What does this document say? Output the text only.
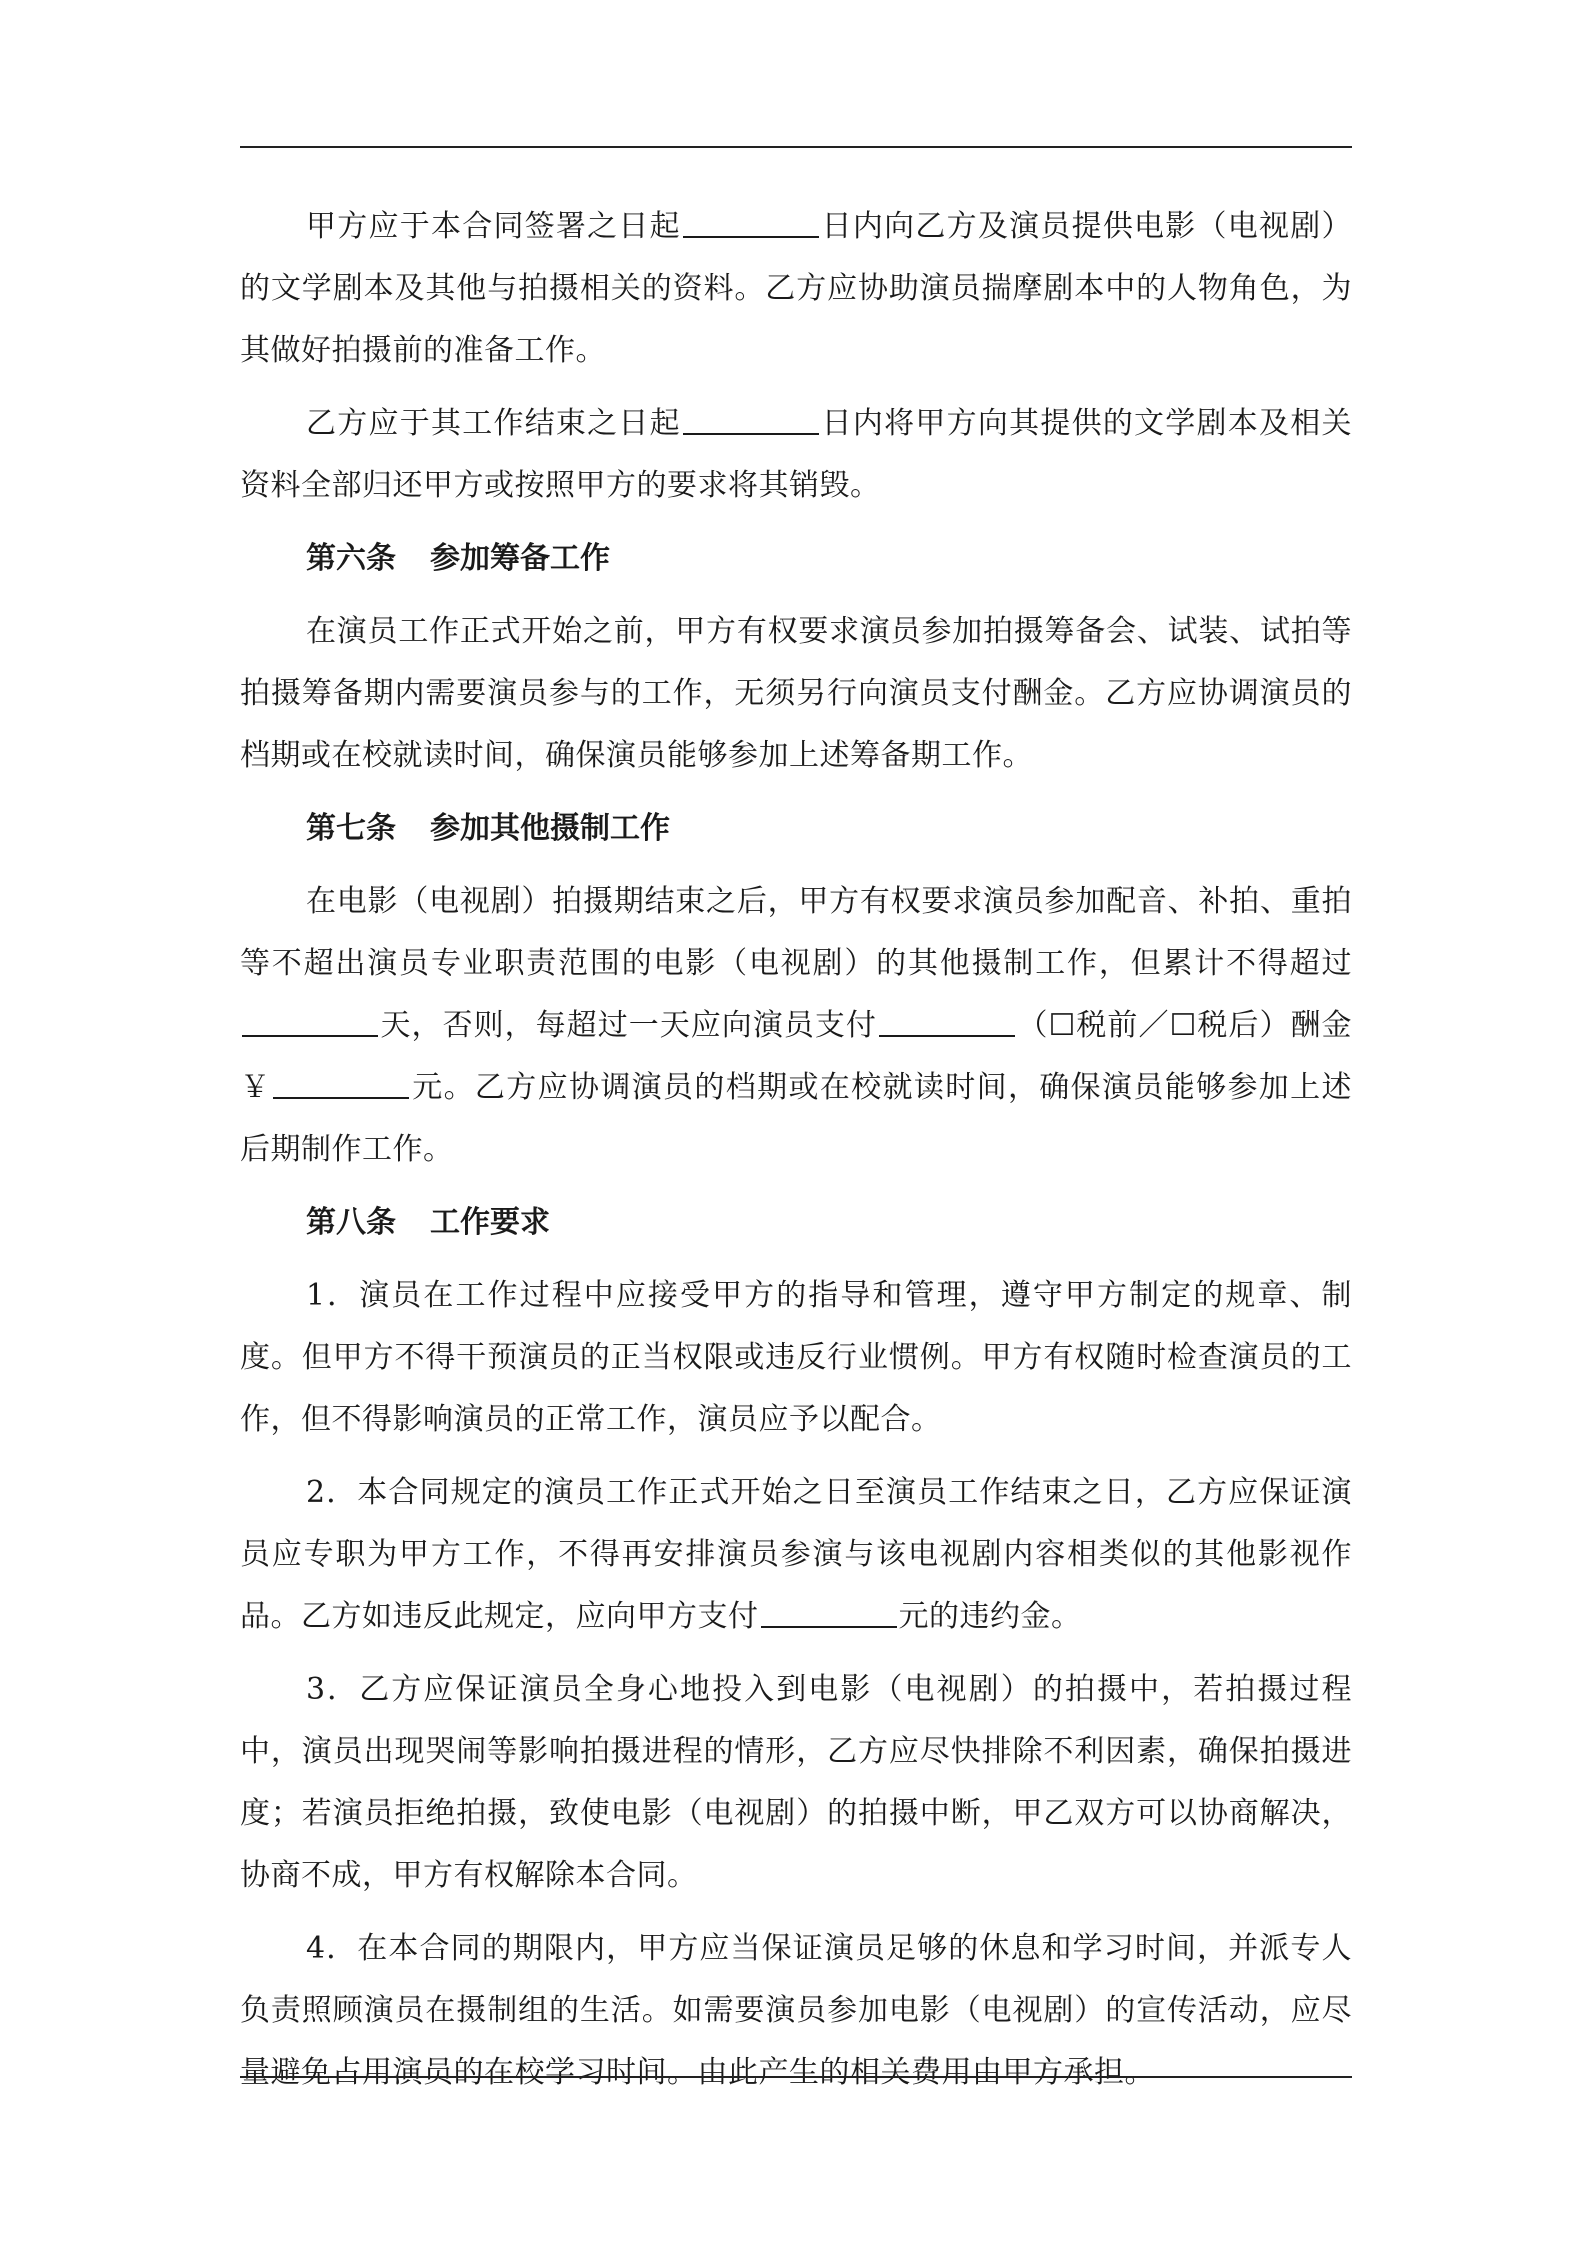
甲方应于本合同签署之日起	日内向乙方及演员提供电影（电视剧）的文学剧本及其他与拍摄相关的资料。乙方应协助演员揣摩剧本中的人物角色，为其做好拍摄前的准备工作。

乙方应于其工作结束之日起	日内将甲方向其提供的文学剧本及相关资料全部归还甲方或按照甲方的要求将其销毁。

第六条 参加筹备工作

在演员工作正式开始之前，甲方有权要求演员参加拍摄筹备会、试装、试拍等拍摄筹备期内需要演员参与的工作，无须另行向演员支付酬金。乙方应协调演员的档期或在校就读时间，确保演员能够参加上述筹备期工作。

第七条 参加其他摄制工作

在电影（电视剧）拍摄期结束之后，甲方有权要求演员参加配音、补拍、重拍等不超出演员专业职责范围的电影（电视剧）的其他摄制工作，但累计不得超过天，否则，每超过一天应向演员支付	（☐税前／☐税后）酬金￥	元。乙方应协调演员的档期或在校就读时间，确保演员能够参加上述后期制作工作。

第八条 工作要求

1．演员在工作过程中应接受甲方的指导和管理，遵守甲方制定的规章、制度。但甲方不得干预演员的正当权限或违反行业惯例。甲方有权随时检查演员的工作，但不得影响演员的正常工作，演员应予以配合。

2．本合同规定的演员工作正式开始之日至演员工作结束之日，乙方应保证演员应专职为甲方工作，不得再安排演员参演与该电视剧内容相类似的其他影视作品。乙方如违反此规定，应向甲方支付	元的违约金。

3．乙方应保证演员全身心地投入到电影（电视剧）的拍摄中，若拍摄过程中，演员出现哭闹等影响拍摄进程的情形，乙方应尽快排除不利因素，确保拍摄进度；若演员拒绝拍摄，致使电影（电视剧）的拍摄中断，甲乙双方可以协商解决，协商不成，甲方有权解除本合同。

4．在本合同的期限内，甲方应当保证演员足够的休息和学习时间，并派专人负责照顾演员在摄制组的生活。如需要演员参加电影（电视剧）的宣传活动，应尽量避免占用演员的在校学习时间。由此产生的相关费用由甲方承担。
